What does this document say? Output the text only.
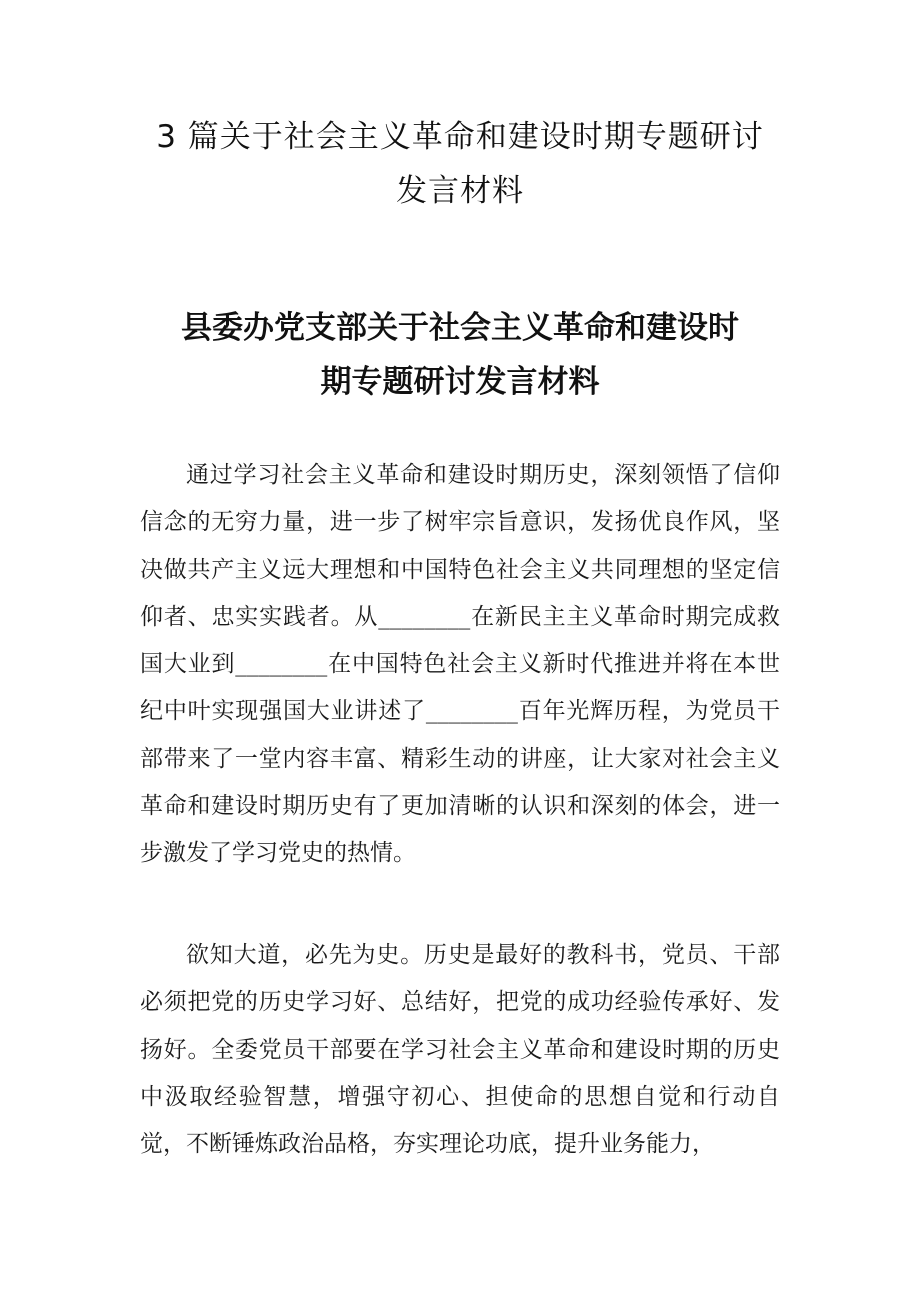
3 篇关于社会主义革命和建设时期专题研讨
发言材料
县委办党支部关于社会主义革命和建设时
期专题研讨发言材料

通过学习社会主义革命和建设时期历史，深刻领悟了信仰信念的无穷力量，进一步了树牢宗旨意识，发扬优良作风，坚决做共产主义远大理想和中国特色社会主义共同理想的坚定信仰者、忠实实践者。从________在新民主主义革命时期完成救国大业到________在中国特色社会主义新时代推进并将在本世纪中叶实现强国大业讲述了________百年光辉历程，为党员干部带来了一堂内容丰富、精彩生动的讲座，让大家对社会主义革命和建设时期历史有了更加清晰的认识和深刻的体会，进一步激发了学习党史的热情。

欲知大道，必先为史。历史是最好的教科书，党员、干部必须把党的历史学习好、总结好，把党的成功经验传承好、发扬好。全委党员干部要在学习社会主义革命和建设时期的历史中汲取经验智慧，增强守初心、担使命的思想自觉和行动自觉，不断锤炼政治品格，夯实理论功底，提升业务能力，
